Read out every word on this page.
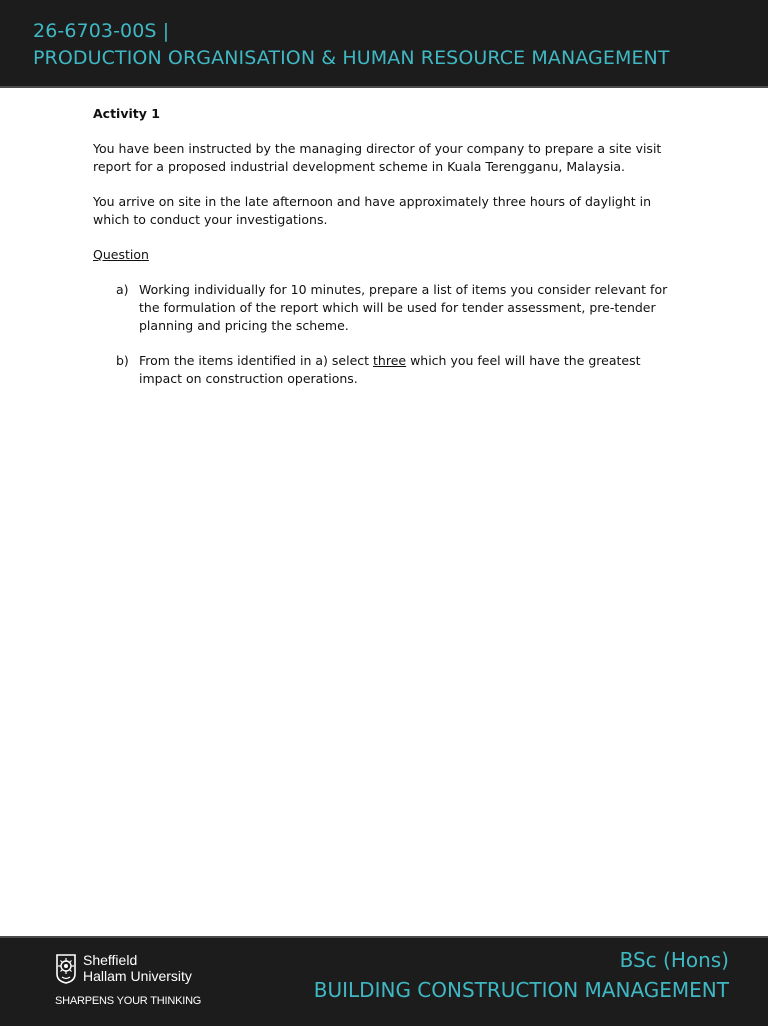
26-6703-00S |
PRODUCTION ORGANISATION & HUMAN RESOURCE MANAGEMENT
Activity 1
You have been instructed by the managing director of your company to prepare a site visit report for a proposed industrial development scheme in Kuala Terengganu, Malaysia.
You arrive on site in the late afternoon and have approximately three hours of daylight in which to conduct your investigations.
Question
a) Working individually for 10 minutes, prepare a list of items you consider relevant for the formulation of the report which will be used for tender assessment, pre-tender planning and pricing the scheme.
b) From the items identified in a) select three which you feel will have the greatest impact on construction operations.
Sheffield
Hallam University
SHARPENS YOUR THINKING
BSc (Hons)
BUILDING CONSTRUCTION MANAGEMENT
